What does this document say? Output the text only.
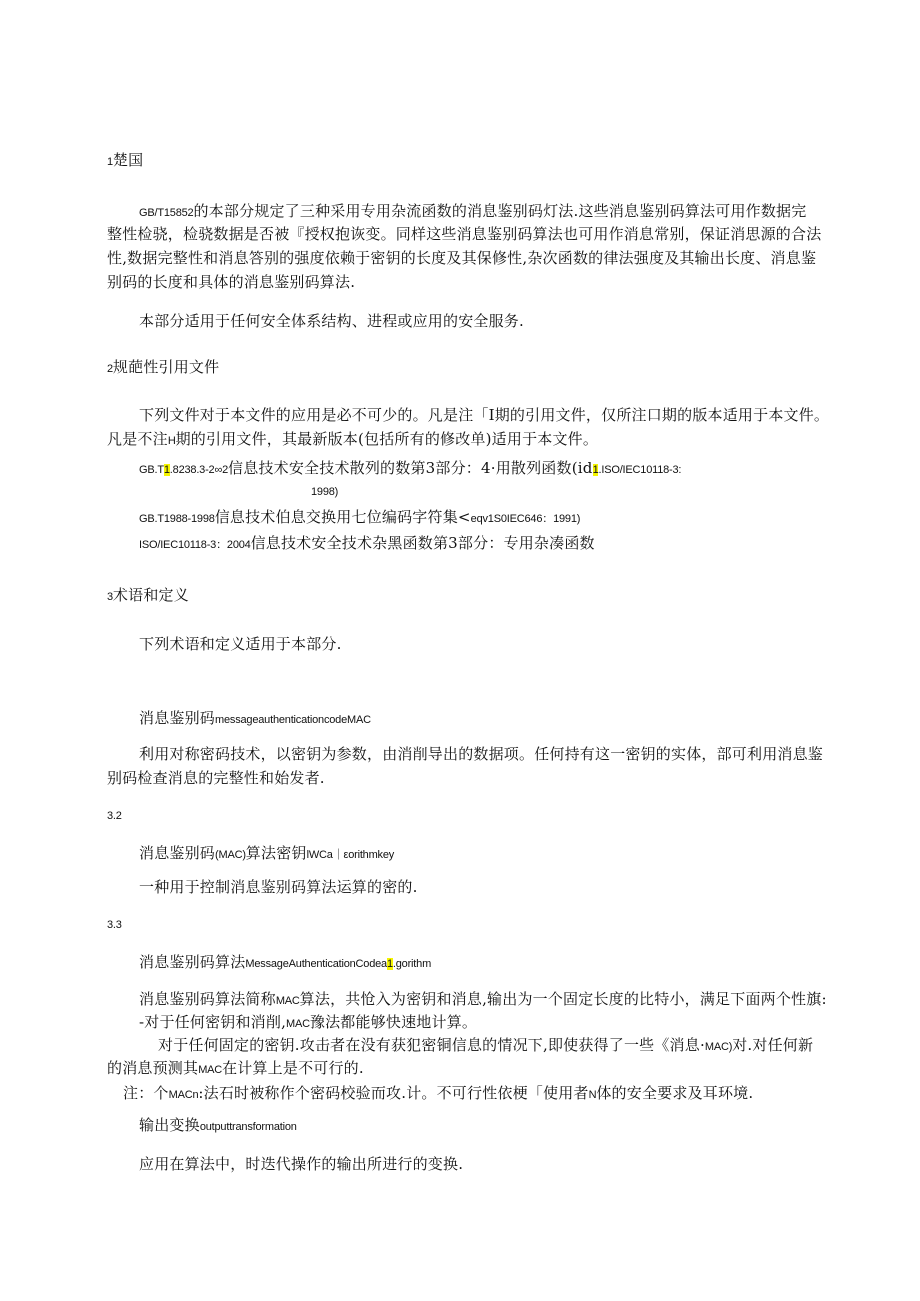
1楚国
GB/T15852的本部分规定了三种采用专用杂流函数的消息鉴别码灯法.这些消息鉴别码算法可用作数据完
整性检骁，检骁数据是否被『授权抱诙变。同样这些消息鉴别码算法也可用作消息常别，保证消思源的合法
性,数据完整性和消息答别的强度依赖于密钥的长度及其保修性,杂次函数的律法强度及其输出长度、消息鉴
别码的长度和具体的消息鉴别码算法.
本部分适用于任何安全体系结构、进程或应用的安全服务.
2规葩性引用文件
下列文件对于本文件的应用是必不可少的。凡是注「I期的引用文件，仅所注口期的版本适用于本文件。
凡是不注H期的引用文件，其最新版本(包括所有的修改单)适用于本文件。
GB.T1.8238.3-2∞2信息技术安全技术散列的数第3部分：4·用散列函数(id1.ISO/IEC10118-3:
1998)
GB.T1988-1998信息技术伯息交换用七位编码字符集<eqv1S0IEC646：1991)
ISO/IEC10118-3：2004信息技术安全技术杂黑函数第3部分：专用杂凑函数
3术语和定义
下列术语和定义适用于本部分.
消息鉴别码messageauthenticationcodeMAC
利用对称密码技术，以密钥为参数，由消削导出的数据项。任何持有这一密钥的实体，部可利用消息鉴
别码检查消息的完整性和始发者.
3.2
消息鉴别码(MAC)算法密钥lWCa｜εorithmkey
一种用于控制消息鉴别码算法运算的密的.
3.3
消息鉴别码算法MessageAuthenticationCodea1.gorithm
消息鉴别码算法简称MAC算法，共怆入为密钥和消息,输出为一个固定长度的比特小，满足下面两个性旗:
-对于任何密钥和消削,MAC豫法都能够快速地计算。
对于任何固定的密钥.攻击者在没有获犯密铜信息的情况下,即使获得了一些《消息·MAC)对.对任何新
的消息预测其MAC在计算上是不可行的.
注：个MACn:法石时被称作个密码校验而攻.计。不可行性依梗「使用者N体的安全要求及耳环境.
输出变换outputtransformation
应用在算法中，时迭代操作的输出所进行的变换.
